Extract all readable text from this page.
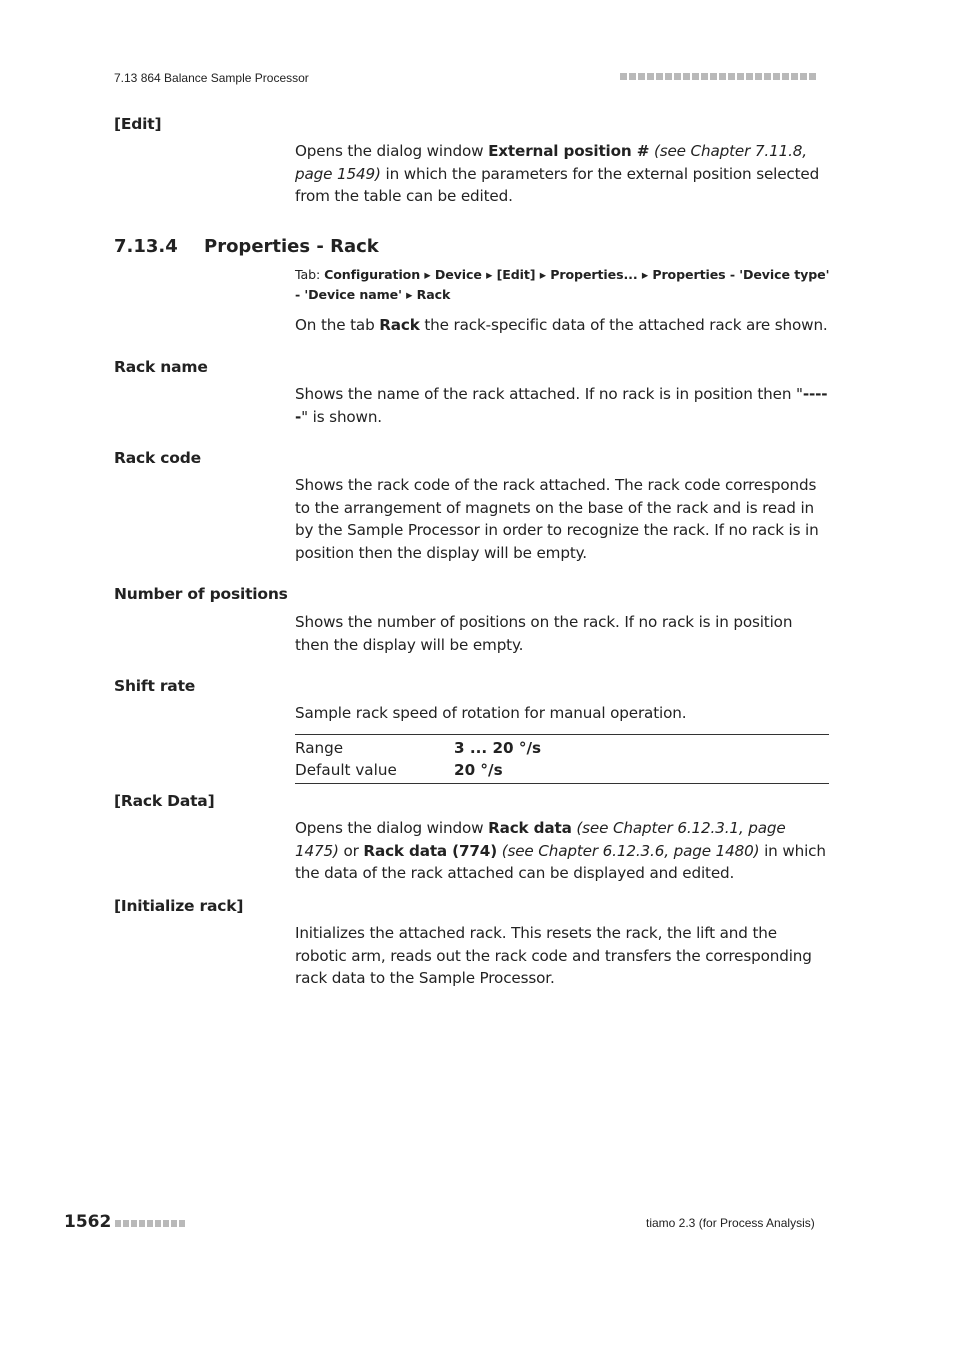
7.13 864 Balance Sample Processor
[Edit]
Opens the dialog window External position # (see Chapter 7.11.8, page 1549) in which the parameters for the external position selected from the table can be edited.
7.13.4 Properties - Rack
Tab: Configuration ▸ Device ▸ [Edit] ▸ Properties... ▸ Properties - 'Device type' - 'Device name' ▸ Rack
On the tab Rack the rack-specific data of the attached rack are shown.
Rack name
Shows the name of the rack attached. If no rack is in position then "-----" is shown.
Rack code
Shows the rack code of the rack attached. The rack code corresponds to the arrangement of magnets on the base of the rack and is read in by the Sample Processor in order to recognize the rack. If no rack is in position then the display will be empty.
Number of positions
Shows the number of positions on the rack. If no rack is in position then the display will be empty.
Shift rate
Sample rack speed of rotation for manual operation.
Range	3 ... 20 °/s
Default value	20 °/s
[Rack Data]
Opens the dialog window Rack data (see Chapter 6.12.3.1, page 1475) or Rack data (774) (see Chapter 6.12.3.6, page 1480) in which the data of the rack attached can be displayed and edited.
[Initialize rack]
Initializes the attached rack. This resets the rack, the lift and the robotic arm, reads out the rack code and transfers the corresponding rack data to the Sample Processor.
1562	tiamo 2.3 (for Process Analysis)
